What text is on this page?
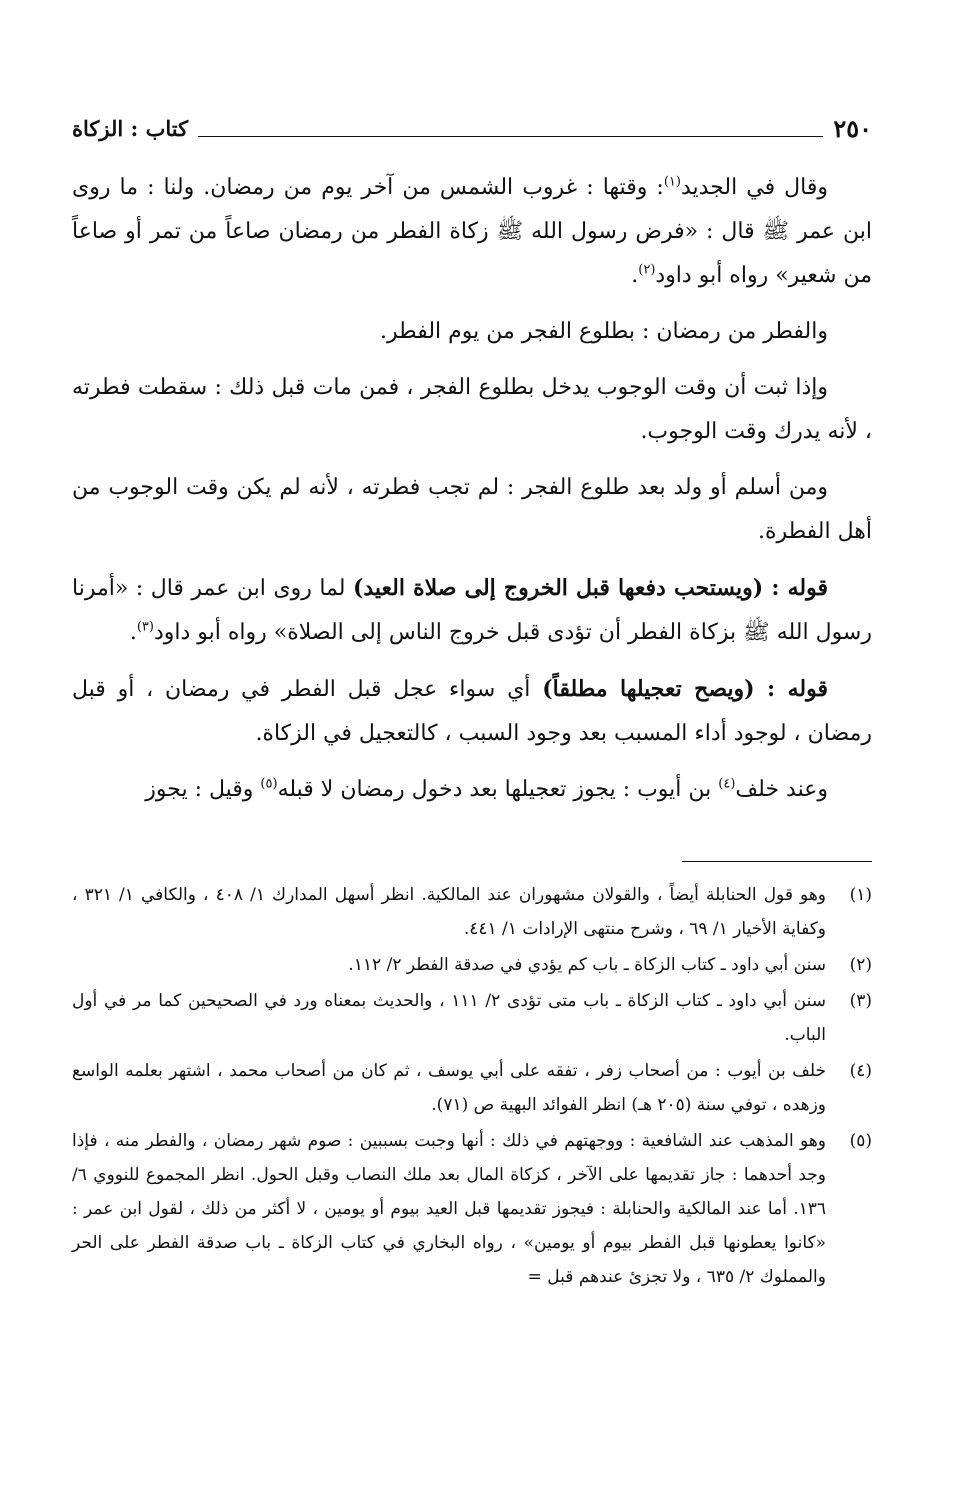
٢٥٠
كتاب : الزكاة

وقال في الجديد$^{(١)}$: وقتها : غروب الشمس من آخر يوم من رمضان. ولنا : ما روى ابن عمر ﷺ قال : «فرض رسول الله ﷺ زكاة الفطر من رمضان صاعاً من تمر أو صاعاً من شعير» رواه أبو داود$^{(٢)}$.

والفطر من رمضان : بطلوع الفجر من يوم الفطر.

وإذا ثبت أن وقت الوجوب يدخل بطلوع الفجر ، فمن مات قبل ذلك : سقطت فطرته ، لأنه يدرك وقت الوجوب.

ومن أسلم أو ولد بعد طلوع الفجر : لم تجب فطرته ، لأنه لم يكن وقت الوجوب من أهل الفطرة.

قوله : (ويستحب دفعها قبل الخروج إلى صلاة العيد) لما روى ابن عمر قال : «أمرنا رسول الله ﷺ بزكاة الفطر أن تؤدى قبل خروج الناس إلى الصلاة» رواه أبو داود$^{(٣)}$.

قوله : (ويصح تعجيلها مطلقاً) أي سواء عجل قبل الفطر في رمضان ، أو قبل رمضان ، لوجود أداء المسبب بعد وجود السبب ، كالتعجيل في الزكاة.

وعند خلف$^{(٤)}$ بن أيوب : يجوز تعجيلها بعد دخول رمضان لا قبله$^{(٥)}$ وقيل : يجوز

(١)
وهو قول الحنابلة أيضاً ، والقولان مشهوران عند المالكية. انظر أسهل المدارك ١/ ٤٠٨ ، والكافي ١/ ٣٢١ ، وكفاية الأخيار ١/ ٦٩ ، وشرح منتهى الإرادات ١/ ٤٤١.
(٢)
سنن أبي داود ـ كتاب الزكاة ـ باب كم يؤدي في صدقة الفطر ٢/ ١١٢.
(٣)
سنن أبي داود ـ كتاب الزكاة ـ باب متى تؤدى ٢/ ١١١ ، والحديث بمعناه ورد في الصحيحين كما مر في أول الباب.
(٤)
خلف بن أيوب : من أصحاب زفر ، تفقه على أبي يوسف ، ثم كان من أصحاب محمد ، اشتهر بعلمه الواسع وزهده ، توفي سنة (٢٠٥ هـ) انظر الفوائد البهية ص (٧١).
(٥)
وهو المذهب عند الشافعية : ووجهتهم في ذلك : أنها وجبت بسببين : صوم شهر رمضان ، والفطر منه ، فإذا وجد أحدهما : جاز تقديمها على الآخر ، كزكاة المال بعد ملك النصاب وقبل الحول. انظر المجموع للنووي ٦/ ١٣٦. أما عند المالكية والحنابلة : فيجوز تقديمها قبل العيد بيوم أو يومين ، لا أكثر من ذلك ، لقول ابن عمر : «كانوا يعطونها قبل الفطر بيوم أو يومين» ، رواه البخاري في كتاب الزكاة ـ باب صدقة الفطر على الحر والمملوك ٢/ ٦٣٥ ، ولا تجزئ عندهم قبل =
